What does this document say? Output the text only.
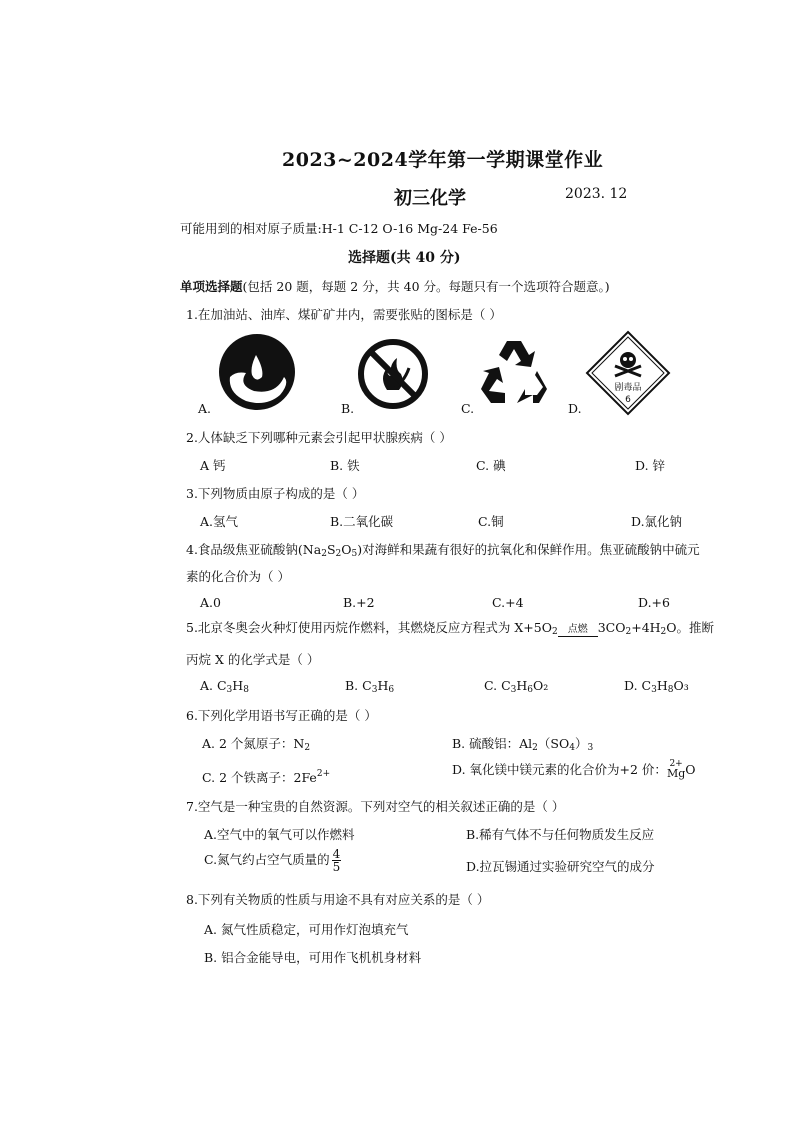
2023~2024学年第一学期课堂作业
初三化学	2023. 12
可能用到的相对原子质量:H-1 C-12 O-16 Mg-24 Fe-56
选择题(共 40 分)
单项选择题(包括 20 题，每题 2 分，共 40 分。每题只有一个选项符合题意。)
1.在加油站、油库、煤矿矿井内，需要张贴的图标是（ ）
A.	B.	C.
剧毒品
6
D.
2.人体缺乏下列哪种元素会引起甲状腺疾病（ ）
A 钙	B. 铁	C. 碘	D. 锌
3.下列物质由原子构成的是（ ）
A.氢气	B.二氧化碳	C.铜	D.氯化钠
4.食品级焦亚硫酸钠$(Na_2S_2O_5)$对海鲜和果蔬有很好的抗氧化和保鲜作用。焦亚硫酸钠中硫元
素的化合价为（ ）
A.0	B.+2	C.+4	D.+6
5.北京冬奥会火种灯使用丙烷作燃料，其燃烧反应方程式为 $X+5O_2$	点燃 $3CO_2+4H_2O$。推断
丙烷 X 的化学式是（ ）
A. $C_3H_8$	B. $C_3H_6$	C. $C_3H_6O_2$	D. $C_3H_8O_3$
6.下列化学用语书写正确的是（ ）
A. 2 个氮原子：$N_2$	B. 硫酸铝：$Al_2(SO_4)_3$
C. 2 个铁离子：$2Fe^{2+}$	D. 氧化镁中镁元素的化合价为+2 价： 2+
Mg O
7.空气是一种宝贵的自然资源。下列对空气的相关叙述正确的是（ ）
A.空气中的氧气可以作燃料	B.稀有气体不与任何物质发生反应
C.氮气约占空气质量的 $\frac{4}{5}$	D.拉瓦锡通过实验研究空气的成分
8.下列有关物质的性质与用途不具有对应关系的是（ ）
A. 氮气性质稳定，可用作灯泡填充气
B. 铝合金能导电，可用作飞机机身材料
